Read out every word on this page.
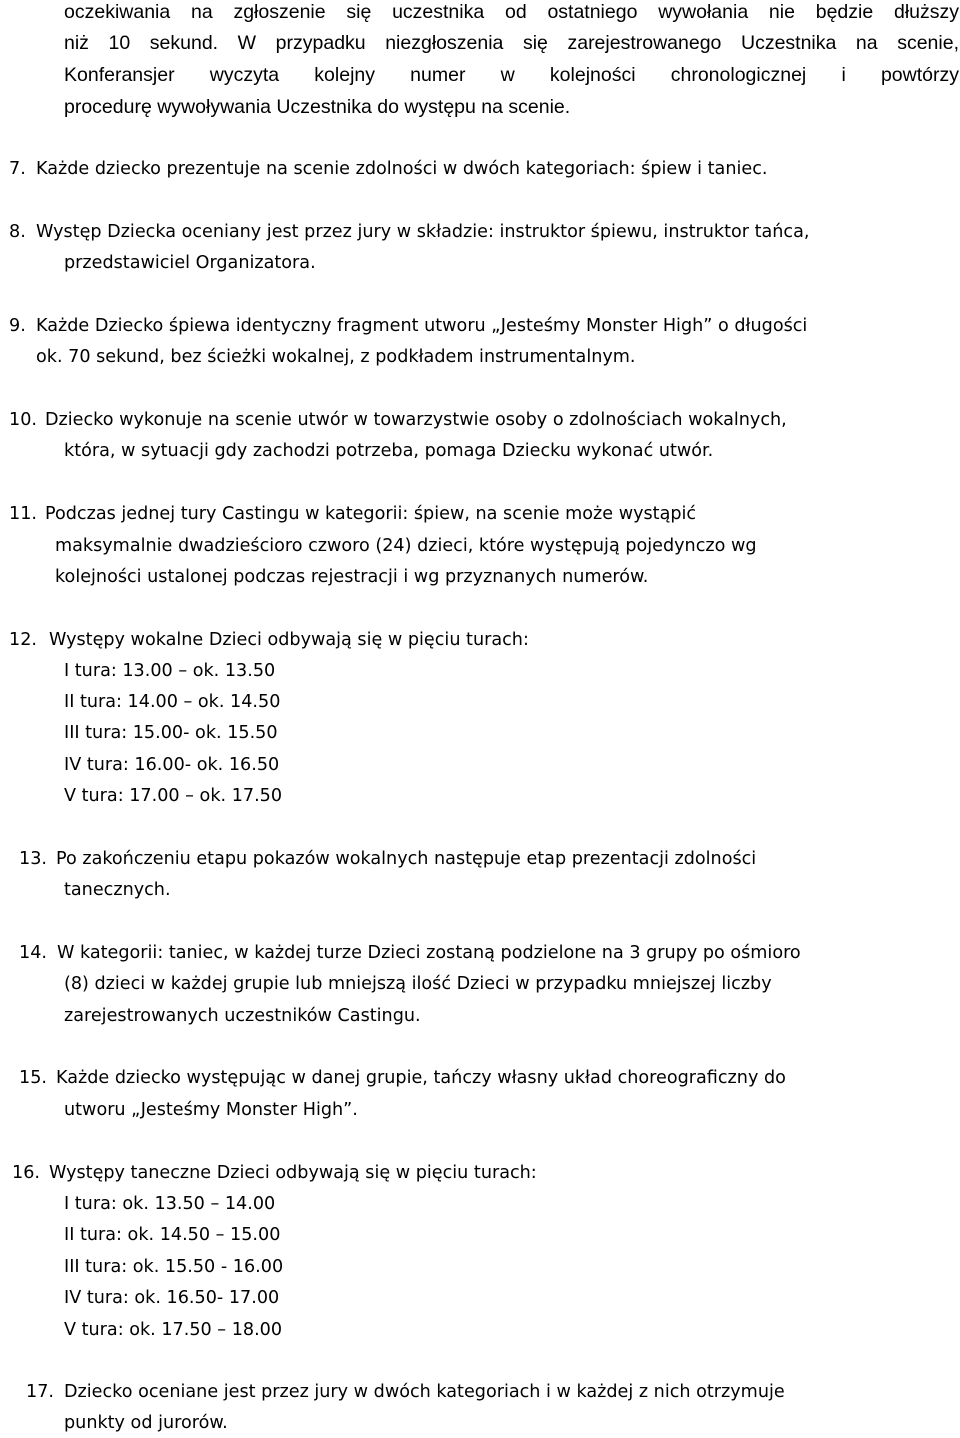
oczekiwania na zgłoszenie się uczestnika od ostatniego wywołania nie będzie dłuższy
niż 10 sekund. W przypadku niezgłoszenia się zarejestrowanego Uczestnika na scenie,
Konferansjer wyczyta kolejny numer w kolejności chronologicznej i powtórzy
procedurę wywoływania Uczestnika do występu na scenie.
7. Każde dziecko prezentuje na scenie zdolności w dwóch kategoriach: śpiew i taniec.
8. Występ Dziecka oceniany jest przez jury w składzie: instruktor śpiewu, instruktor tańca,
przedstawiciel Organizatora.
9. Każde Dziecko śpiewa identyczny fragment utworu „Jesteśmy Monster High” o długości
ok. 70 sekund, bez ścieżki wokalnej, z podkładem instrumentalnym.
10. Dziecko wykonuje na scenie utwór w towarzystwie osoby o zdolnościach wokalnych,
która, w sytuacji gdy zachodzi potrzeba, pomaga Dziecku wykonać utwór.
11. Podczas jednej tury Castingu w kategorii: śpiew, na scenie może wystąpić
maksymalnie dwadzieścioro czworo (24) dzieci, które występują pojedynczo wg
kolejności ustalonej podczas rejestracji i wg przyznanych numerów.
12. Występy wokalne Dzieci odbywają się w pięciu turach:
I tura: 13.00 – ok. 13.50
II tura: 14.00 – ok. 14.50
III tura: 15.00- ok. 15.50
IV tura: 16.00- ok. 16.50
V tura: 17.00 – ok. 17.50
13. Po zakończeniu etapu pokazów wokalnych następuje etap prezentacji zdolności
tanecznych.
14. W kategorii: taniec, w każdej turze Dzieci zostaną podzielone na 3 grupy po ośmioro
(8) dzieci w każdej grupie lub mniejszą ilość Dzieci w przypadku mniejszej liczby
zarejestrowanych uczestników Castingu.
15. Każde dziecko występując w danej grupie, tańczy własny układ choreograficzny do
utworu „Jesteśmy Monster High”.
16. Występy taneczne Dzieci odbywają się w pięciu turach:
I tura: ok. 13.50 – 14.00
II tura: ok. 14.50 – 15.00
III tura: ok. 15.50 - 16.00
IV tura: ok. 16.50- 17.00
V tura: ok. 17.50 – 18.00
17. Dziecko oceniane jest przez jury w dwóch kategoriach i w każdej z nich otrzymuje
punkty od jurorów.
